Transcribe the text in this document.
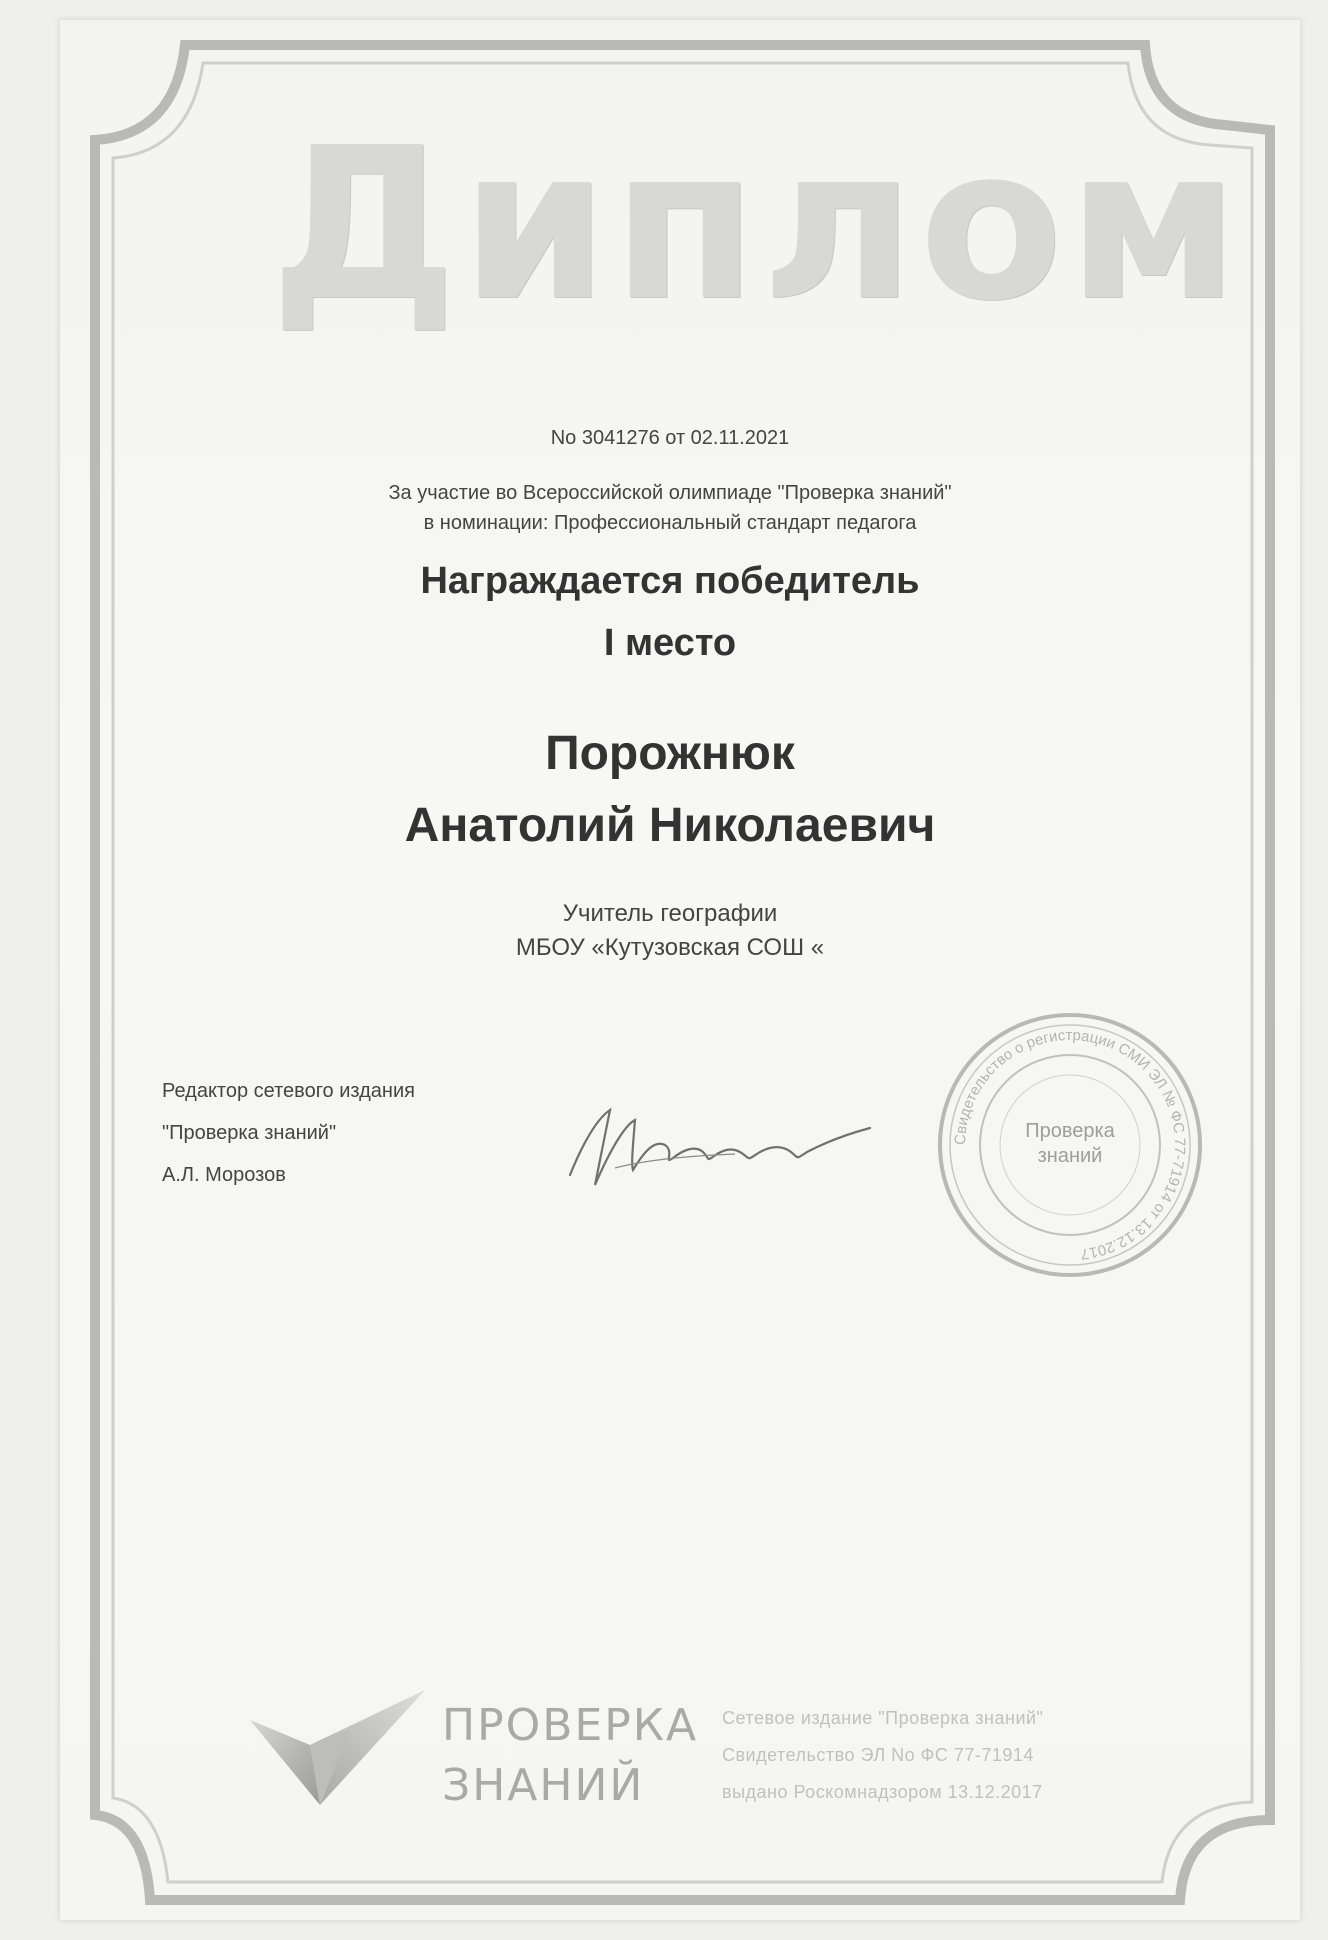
Диплом
No 3041276 от 02.11.2021
За участие во Всероссийской олимпиаде "Проверка знаний"
в номинации: Профессиональный стандарт педагога
Награждается победитель
I место
Порожнюк
Анатолий Николаевич
Учитель географии
МБОУ «Кутузовская СОШ «
Редактор сетевого издания
"Проверка знаний"
А.Л. Морозов
Свидетельство о регистрации СМИ ЭЛ № ФС 77-71914 от 13.12.2017
Проверка
знаний
ПРОВЕРКА
ЗНАНИЙ
Сетевое издание "Проверка знаний"
Свидетельство ЭЛ No ФС 77-71914
выдано Роскомнадзором 13.12.2017
